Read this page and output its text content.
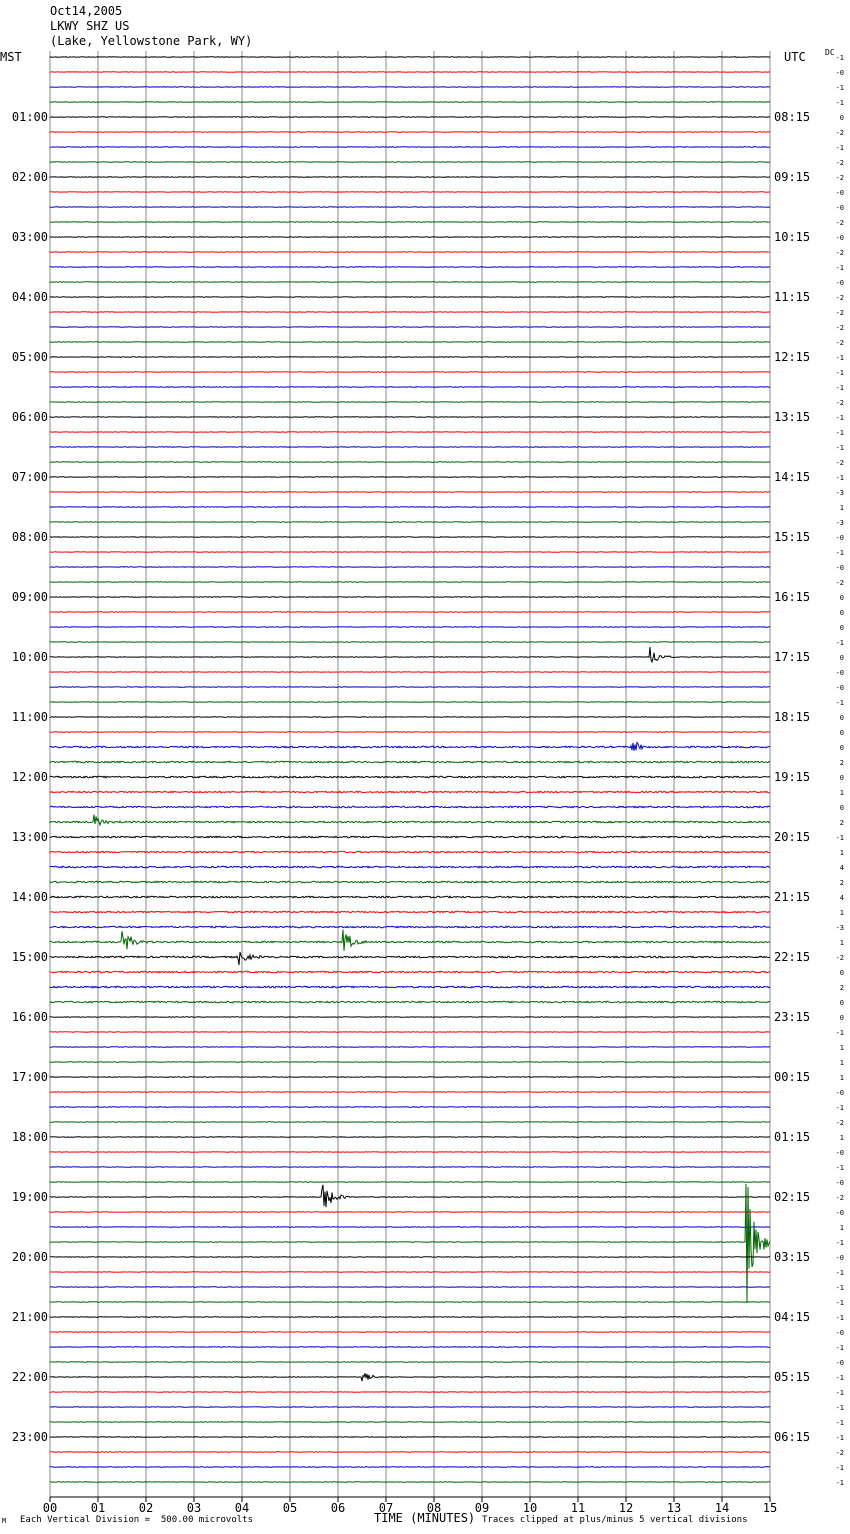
Oct14,2005
LKWY SHZ US
(Lake, Yellowstone Park, WY)
01:00
02:00
03:00
04:00
05:00
06:00
07:00
08:00
09:00
10:00
11:00
12:00
13:00
14:00
15:00
16:00
17:00
18:00
19:00
20:00
21:00
22:00
23:00
08:15
09:15
10:15
11:15
12:15
13:15
14:15
15:15
16:15
17:15
18:15
19:15
20:15
21:15
22:15
23:15
00:15
01:15
02:15
03:15
04:15
05:15
06:15
-1
-0
-1
-1
0
-2
-1
-2
-2
-0
-0
-2
-0
-2
-1
-0
-2
-2
-2
-2
-1
-1
-1
-2
-1
-1
-1
-2
-1
-3
1
-3
-0
-1
-0
-2
0
0
0
-1
0
-0
-0
-1
0
0
0
2
0
1
0
2
-1
1
4
2
4
1
-3
1
-2
0
2
0
0
-1
1
1
1
-0
-1
-2
1
-0
-1
-0
-2
-0
1
-1
-0
-1
-1
-1
-1
-0
-1
-0
-1
-1
-1
-1
-1
-2
-1
-1
00	01	02	03	04	05	06	07	08	09	10	11	12	13	14	15
MST	UTC DC
M Each Vertical Division =  500.00 microvolts	TIME (MINUTES) Traces clipped at plus/minus 5 vertical divisions
